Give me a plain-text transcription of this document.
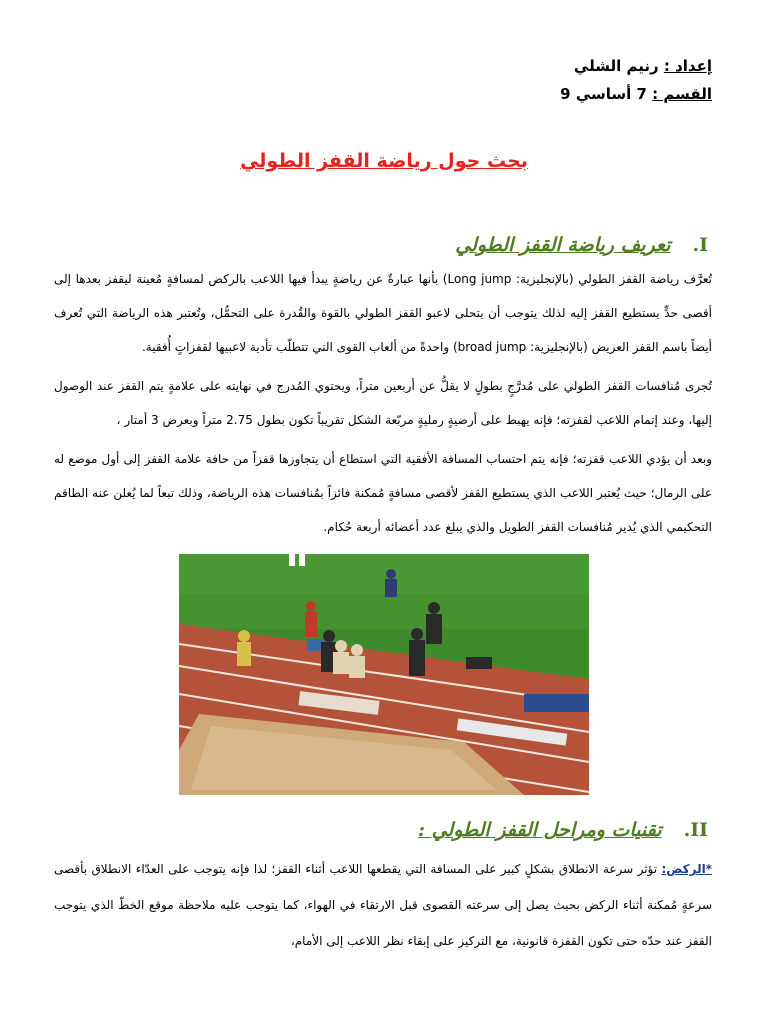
إعداد : رنيم الشلي
القسم : 7 أساسي 9
بحث حول رياضة القفز الطولي
I.تعريف رياضة القفز الطولي

تُعرَّف رياضة القفز الطولي (بالإنجليزية: Long jump) بأنها عبارةٌ عن رياضةٍ يبدأ فيها اللاعب بالركض لمسافةٍ مُعينة ليقفز بعدها إلى أقصى حدٍّ يستطيع القفز إليه لذلك يتوجب أن يتحلى لاعبو القفز الطولي بالقوة والقُدرة على التحمُّل، وتُعتبر هذه الرياضة التي تُعرف أيضاً باسم القفز العريض (بالإنجليزية: broad jump) واحدةً من ألعاب القوى التي تتطلّب تأدية لاعبيها لقفزاتٍ أُفقية.

تُجرى مُنافسات القفز الطولي على مُدرَّجٍ بطولٍ لا يقلُّ عن أربعين متراً، ويحتوي المُدرج في نهايته على علامةٍ يتم القفز عند الوصول إليها، وعند إتمام اللاعب لقفزته؛ فإنه يهبط على أرضيةٍ رمليةٍ مربّعة الشكل تقريباً تكون بطول 2.75 متراً وبعرض 3 أمتار ،

وبعد أن يؤدي اللاعب قفزته؛ فإنه يتم احتساب المسافة الأفقية التي استطاع أن يتجاوزها قفزاً من حافة علامة القفز إلى أول موضع له على الرمال؛ حيث يُعتبر اللاعب الذي يستطيع القفز لأقصى مسافةٍ مُمكنة فائزاً بمُنافسات هذه الرياضة، وذلك تبعاً لما يُعلن عنه الطاقم التحكيمي الذي يُدير مُنافسات القفز الطويل والذي يبلغ عدد أعضائه أربعة حُكام.

II.تقنيات ومراحل القفز الطولي :

*الركض: تؤثر سرعة الانطلاق بشكلٍ كبير على المسافة التي يقطعها اللاعب أثناء القفز؛ لذا فإنه يتوجب على العدّاء الانطلاق بأقصى سرعةٍ مُمكنة أثناء الركض بحيث يصل إلى سرعته القصوى قبل الارتقاء في الهواء، كما يتوجب عليه ملاحظة موقع الخطّ الذي يتوجب القفز عند حدّه حتى تكون القفزة قانونية، مع التركيز على إبقاء نظر اللاعب إلى الأمام،
